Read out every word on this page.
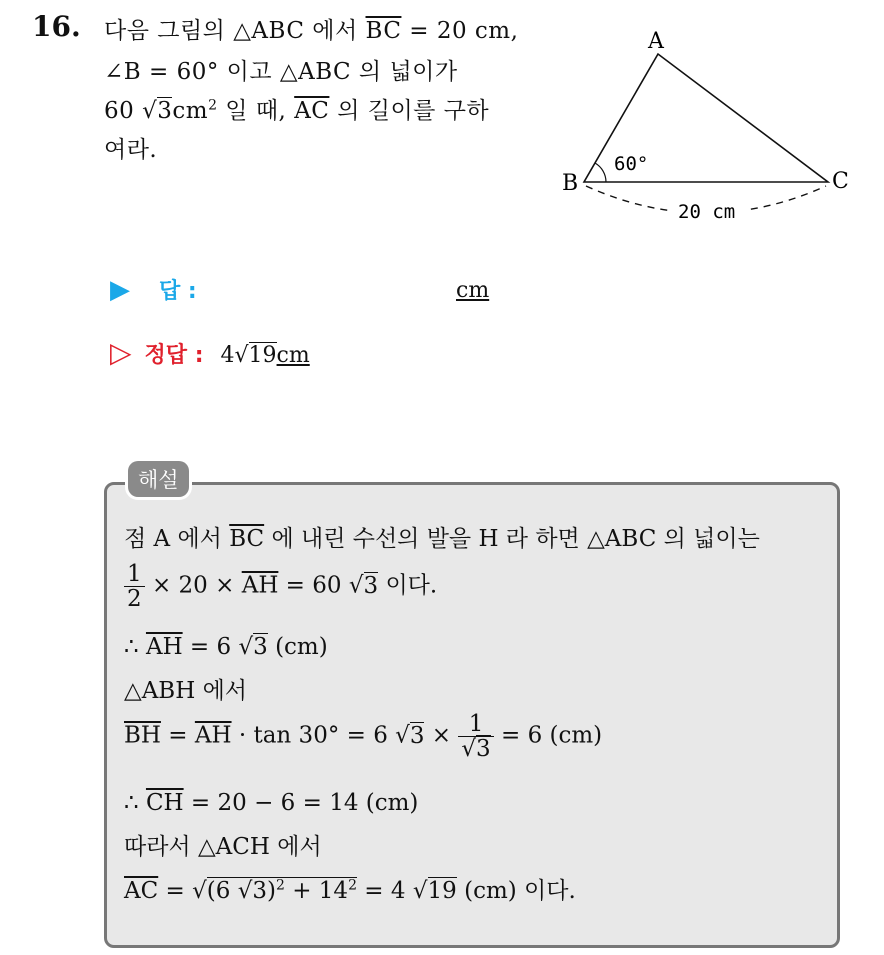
16. 다음 그림의 △ABC 에서 $\overline{BC} = 20$ cm,
∠B = 60° 이고 △ABC 의 넓이가
60 $√3cm^2$ 일 때, $\overline{AC}$ 의 길이를 구하
여라.
A
B	C
60°
20 cm
▶ 답 :	cm
▷ 정답 : 4√19cm
해설
점 A 에서 $\overline{BC}$ 에 내린 수선의 발을 H 라 하면 △ABC 의 넓이는
$\frac{1}{2} \times 20 \times \overline{AH} = 60$ √3 이다.
∴ $\overline{AH} = 6$ √3 (cm)
△ABH 에서
$\overline{BH} = \overline{AH} \cdot \tan 30^\circ = 6$ $√3 \times \frac{1}{√3} = 6$ (cm)
∴ $\overline{CH} = 20 - 6 = 14$ (cm)
따라서 △ACH 에서
$\overline{AC} = √(6$ $√3)^2 + 14^2 = 4$ √19 (cm) 이다.
